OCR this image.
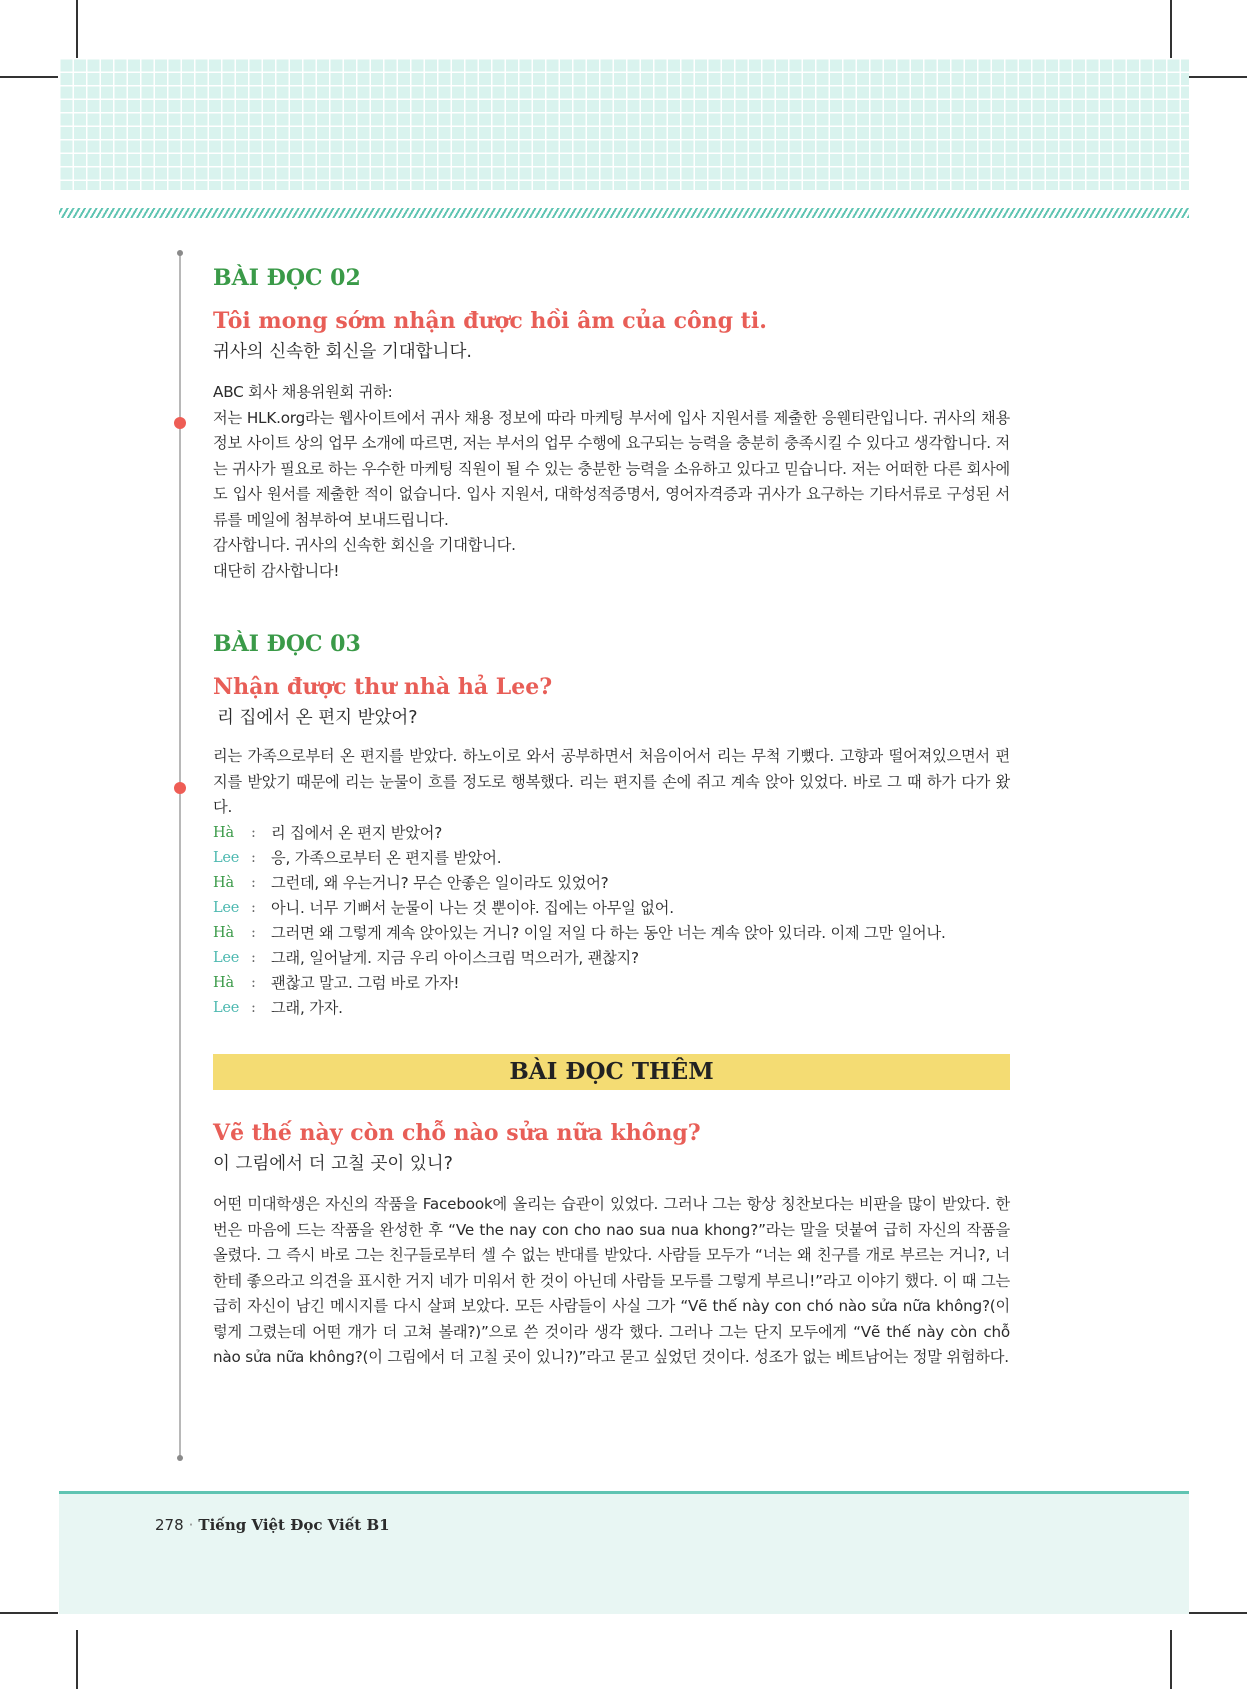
BÀI ĐỌC 02
Tôi mong sớm nhận được hồi âm của công ti.

귀사의 신속한 회신을 기대합니다.

ABC 회사 채용위원회 귀하:

저는 HLK.org라는 웹사이트에서 귀사 채용 정보에 따라 마케팅 부서에 입사 지원서를 제출한 응웬티란입니다. 귀사의 채용 정보 사이트 상의 업무 소개에 따르면, 저는 부서의 업무 수행에 요구되는 능력을 충분히 충족시킬 수 있다고 생각합니다. 저는 귀사가 필요로 하는 우수한 마케팅 직원이 될 수 있는 충분한 능력을 소유하고 있다고 믿습니다. 저는 어떠한 다른 회사에도 입사 원서를 제출한 적이 없습니다. 입사 지원서, 대학성적증명서, 영어자격증과 귀사가 요구하는 기타서류로 구성된 서류를 메일에 첨부하여 보내드립니다.

감사합니다. 귀사의 신속한 회신을 기대합니다.

대단히 감사합니다!

BÀI ĐỌC 03
Nhận được thư nhà hả Lee?

리 집에서 온 편지 받았어?

리는 가족으로부터 온 편지를 받았다. 하노이로 와서 공부하면서 처음이어서 리는 무척 기뻤다. 고향과 떨어져있으면서 편지를 받았기 때문에 리는 눈물이 흐를 정도로 행복했다. 리는 편지를 손에 쥐고 계속 앉아 있었다. 바로 그 때 하가 다가 왔다.

Hà	:	리 집에서 온 편지 받았어?
Lee :	응, 가족으로부터 온 편지를 받았어.
Hà	:	그런데, 왜 우는거니? 무슨 안좋은 일이라도 있었어?
Lee :	아니. 너무 기뻐서 눈물이 나는 것 뿐이야. 집에는 아무일 없어.
Hà	:	그러면 왜 그렇게 계속 앉아있는 거니? 이일 저일 다 하는 동안 너는 계속 앉아 있더라. 이제 그만 일어나.
Lee :	그래, 일어날게. 지금 우리 아이스크림 먹으러가, 괜찮지?
Hà	:	괜찮고 말고. 그럼 바로 가자!
Lee :	그래, 가자.
BÀI ĐỌC THÊM
Vẽ thế này còn chỗ nào sửa nữa không?

이 그림에서 더 고칠 곳이 있니?

어떤 미대학생은 자신의 작품을 Facebook에 올리는 습관이 있었다. 그러나 그는 항상 칭찬보다는 비판을 많이 받았다. 한번은 마음에 드는 작품을 완성한 후 “Ve the nay con cho nao sua nua khong?”라는 말을 덧붙여 급히 자신의 작품을 올렸다. 그 즉시 바로 그는 친구들로부터 셀 수 없는 반대를 받았다. 사람들 모두가 “너는 왜 친구를 개로 부르는 거니?, 너한테 좋으라고 의견을 표시한 거지 네가 미워서 한 것이 아닌데 사람들 모두를 그렇게 부르니!”라고 이야기 했다. 이 때 그는 급히 자신이 남긴 메시지를 다시 살펴 보았다. 모든 사람들이 사실 그가 “Vẽ thế này con chó nào sửa nữa không?(이렇게 그렸는데 어떤 개가 더 고쳐 볼래?)”으로 쓴 것이라 생각 했다. 그러나 그는 단지 모두에게 “Vẽ thế này còn chỗ nào sửa nữa không?(이 그림에서 더 고칠 곳이 있니?)”라고 묻고 싶었던 것이다. 성조가 없는 베트남어는 정말 위험하다.

278 · Tiếng Việt Đọc Viết B1
